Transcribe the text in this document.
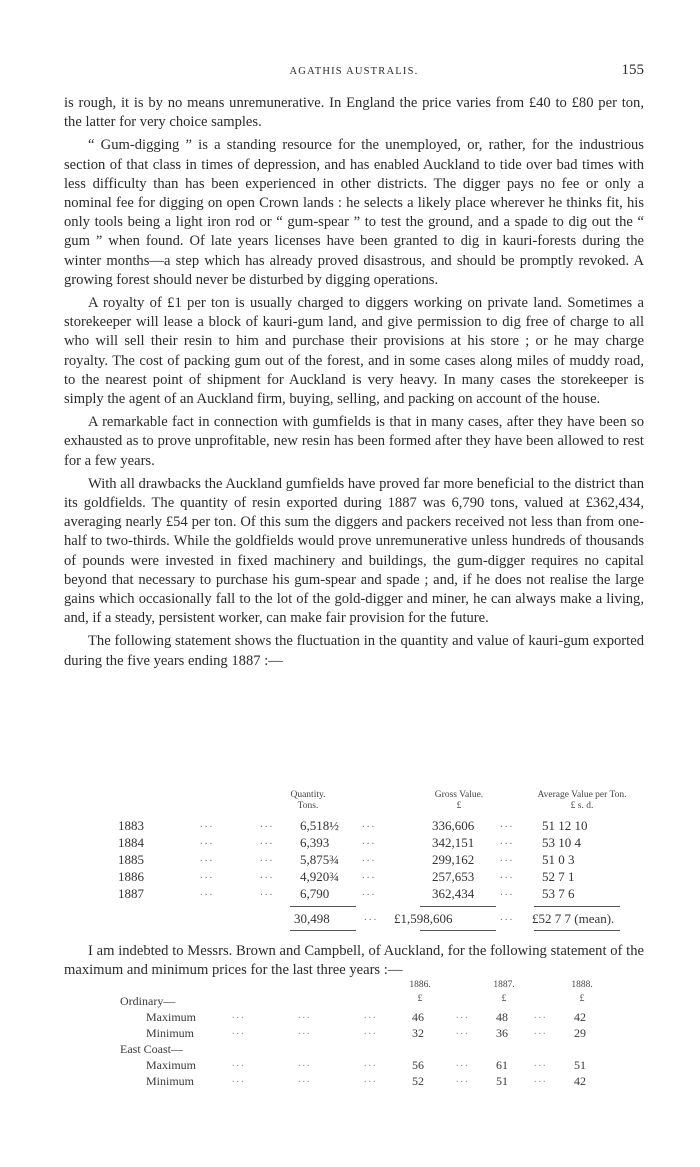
AGATHIS AUSTRALIS.	155

is rough, it is by no means unremunerative. In England the price varies from £40 to £80 per ton, the latter for very choice samples.

“ Gum-digging ” is a standing resource for the unemployed, or, rather, for the industrious section of that class in times of depression, and has enabled Auckland to tide over bad times with less difficulty than has been experienced in other districts. The digger pays no fee or only a nominal fee for digging on open Crown lands : he selects a likely place wherever he thinks fit, his only tools being a light iron rod or “ gum-spear ” to test the ground, and a spade to dig out the “ gum ” when found. Of late years licenses have been granted to dig in kauri-forests during the winter months—a step which has already proved disastrous, and should be promptly revoked. A growing forest should never be disturbed by digging operations.

A royalty of £1 per ton is usually charged to diggers working on private land. Sometimes a storekeeper will lease a block of kauri-gum land, and give permission to dig free of charge to all who will sell their resin to him and purchase their provisions at his store ; or he may charge royalty. The cost of packing gum out of the forest, and in some cases along miles of muddy road, to the nearest point of shipment for Auckland is very heavy. In many cases the storekeeper is simply the agent of an Auckland firm, buying, selling, and packing on account of the house.

A remarkable fact in connection with gumfields is that in many cases, after they have been so exhausted as to prove unprofitable, new resin has been formed after they have been allowed to rest for a few years.

With all drawbacks the Auckland gumfields have proved far more beneficial to the district than its goldfields. The quantity of resin exported during 1887 was 6,790 tons, valued at £362,434, averaging nearly £54 per ton. Of this sum the diggers and packers received not less than from one-half to two-thirds. While the goldfields would prove unremunerative unless hundreds of thousands of pounds were invested in fixed machinery and buildings, the gum-digger requires no capital beyond that necessary to purchase his gum-spear and spade ; and, if he does not realise the large gains which occasionally fall to the lot of the gold-digger and miner, he can always make a living, and, if a steady, persistent worker, can make fair provision for the future.

The following statement shows the fluctuation in the quantity and value of kauri-gum exported during the five years ending 1887 :—

Quantity.
Tons.
Gross Value.
£
Average Value per Ton.
£ s. d.
1883	...	... 6,518½ ...	336,606 ... 51 12 10
1884	...	... 6,393	...	342,151 ... 53 10 4
1885	...	... 5,875¾ ...	299,162 ... 51 0 3
1886	...	... 4,920¾ ...	257,653 ... 52 7 1
1887	...	... 6,790	...	362,434 ... 53 7 6
30,498	... £1,598,606	... £52 7 7 (mean).

I am indebted to Messrs. Brown and Campbell, of Auckland, for the following statement of the maximum and minimum prices for the last three years :—

1886.	1887.	1888.
£	£	£
Ordinary—
Maximum	...	...	...	46	... 48	... 42
Minimum	...	...	...	32	... 36	... 29
East Coast—
Maximum	...	...	...	56	... 61	... 51
Minimum	...	...	...	52	... 51	... 42
